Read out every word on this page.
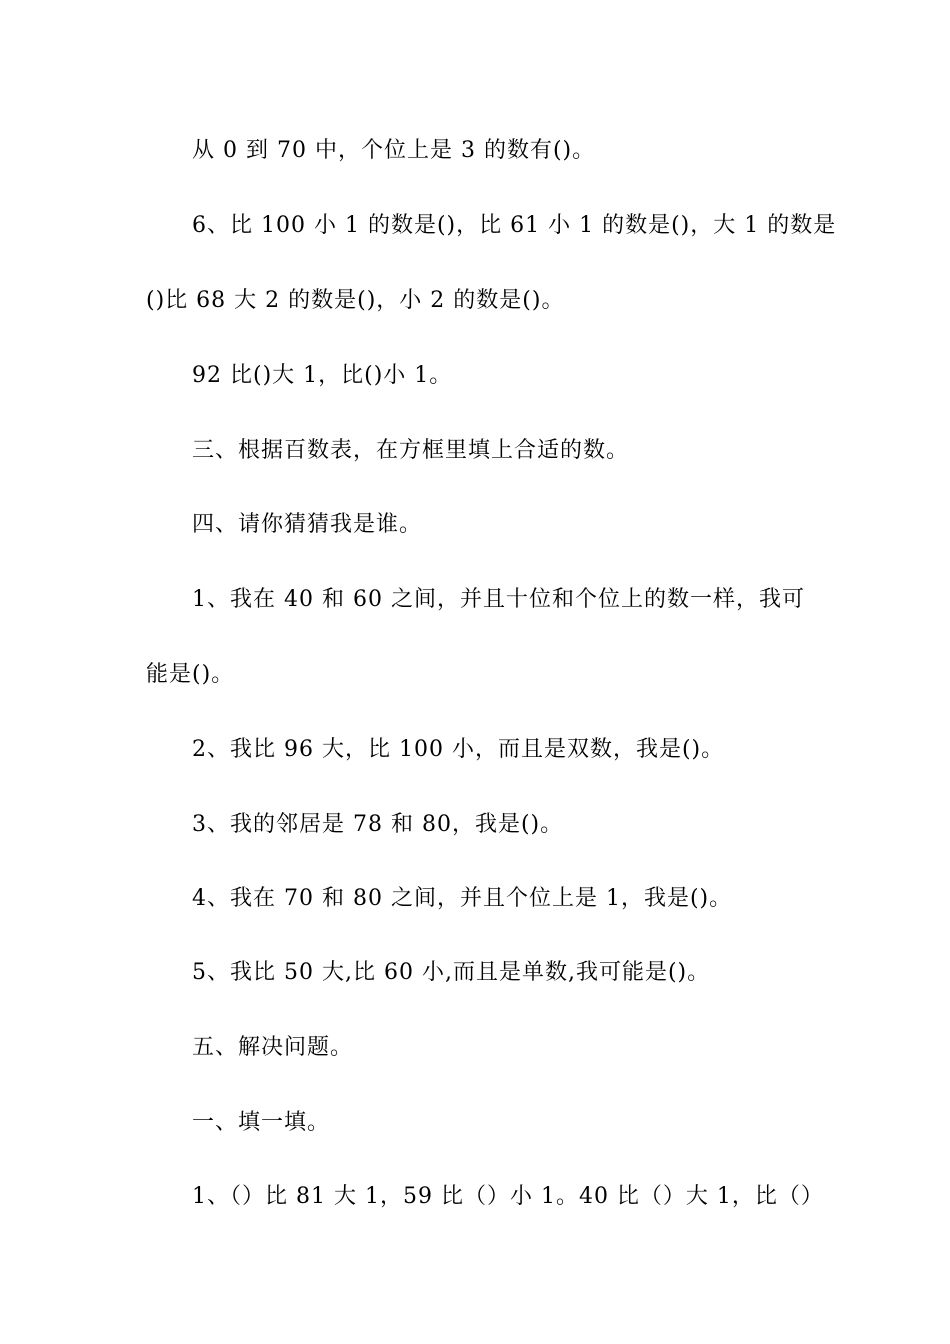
从 0 到 70 中，个位上是 3 的数有()。
6、比 100 小 1 的数是()，比 61 小 1 的数是()，大 1 的数是
()比 68 大 2 的数是()，小 2 的数是()。
92 比()大 1，比()小 1。
三、根据百数表，在方框里填上合适的数。
四、请你猜猜我是谁。
1、我在 40 和 60 之间，并且十位和个位上的数一样，我可
能是()。
2、我比 96 大，比 100 小，而且是双数，我是()。
3、我的邻居是 78 和 80，我是()。
4、我在 70 和 80 之间，并且个位上是 1，我是()。
5、我比 50 大,比 60 小,而且是单数,我可能是()。
五、解决问题。
一、填一填。
1、（）比 81 大 1，59 比（）小 1。40 比（）大 1，比（）
